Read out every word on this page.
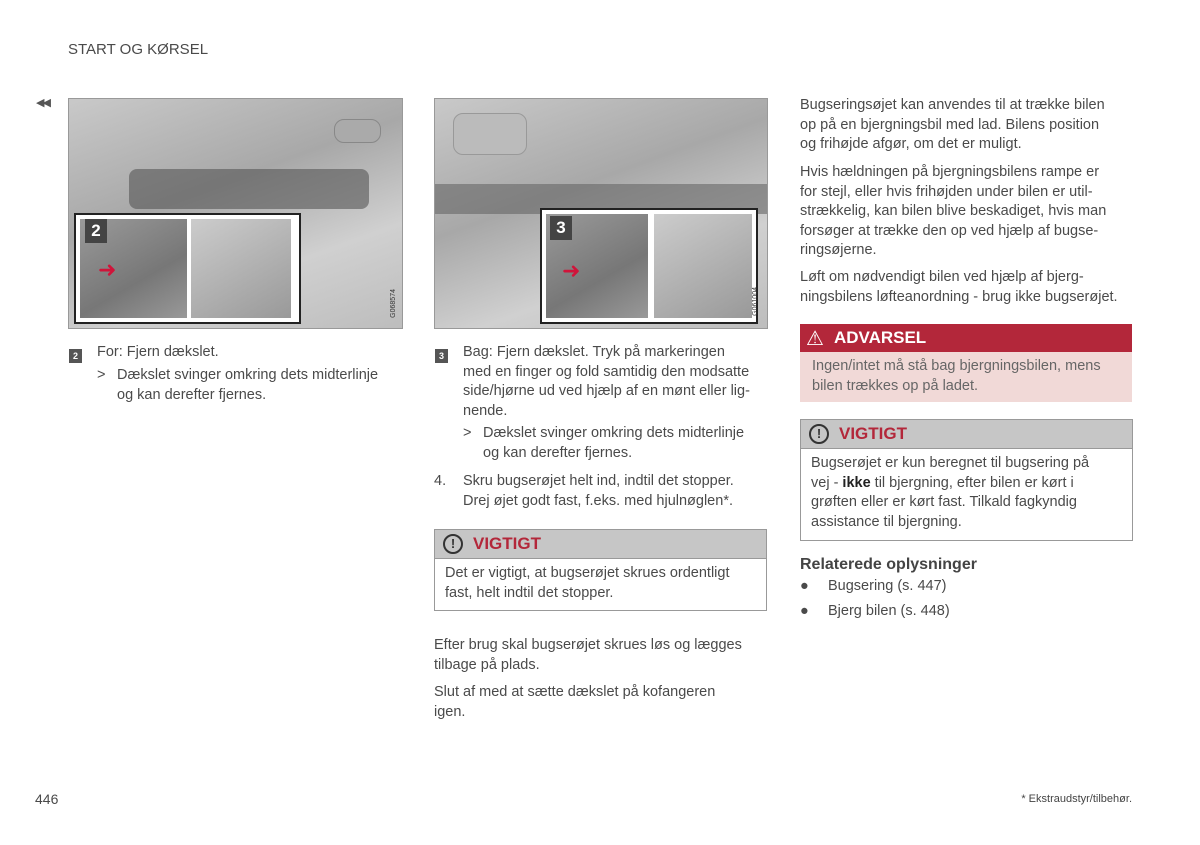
START OG KØRSEL
◀◀
2
➜
G068574
3
➜
G061004
2 For: Fjern dækslet.
> Dækslet svinger omkring dets midterlinje
og kan derefter fjernes.
3 Bag: Fjern dækslet. Tryk på markeringen
med en finger og fold samtidig den modsatte
side/hjørne ud ved hjælp af en mønt eller lig-
nende.
> Dækslet svinger omkring dets midterlinje
og kan derefter fjernes.
4. Skru bugserøjet helt ind, indtil det stopper.
Drej øjet godt fast, f.eks. med hjulnøglen*.
!	VIGTIGT
Det er vigtigt, at bugserøjet skrues ordentligt
fast, helt indtil det stopper.
Efter brug skal bugserøjet skrues løs og lægges
tilbage på plads.
Slut af med at sætte dækslet på kofangeren
igen.
Bugseringsøjet kan anvendes til at trække bilen
op på en bjergningsbil med lad. Bilens position
og frihøjde afgør, om det er muligt.
Hvis hældningen på bjergningsbilens rampe er
for stejl, eller hvis frihøjden under bilen er util-
strækkelig, kan bilen blive beskadiget, hvis man
forsøger at trække den op ved hjælp af bugse-
ringsøjerne.
Løft om nødvendigt bilen ved hjælp af bjerg-
ningsbilens løfteanordning - brug ikke bugserøjet.
⚠ ADVARSEL
Ingen/intet må stå bag bjergningsbilen, mens
bilen trækkes op på ladet.
!	VIGTIGT
Bugserøjet er kun beregnet til bugsering på
vej - ikke til bjergning, efter bilen er kørt i
grøften eller er kørt fast. Tilkald fagkyndig
assistance til bjergning.
Relaterede oplysninger
● Bugsering (s. 447)
● Bjerg bilen (s. 448)
446	* Ekstraudstyr/tilbehør.
